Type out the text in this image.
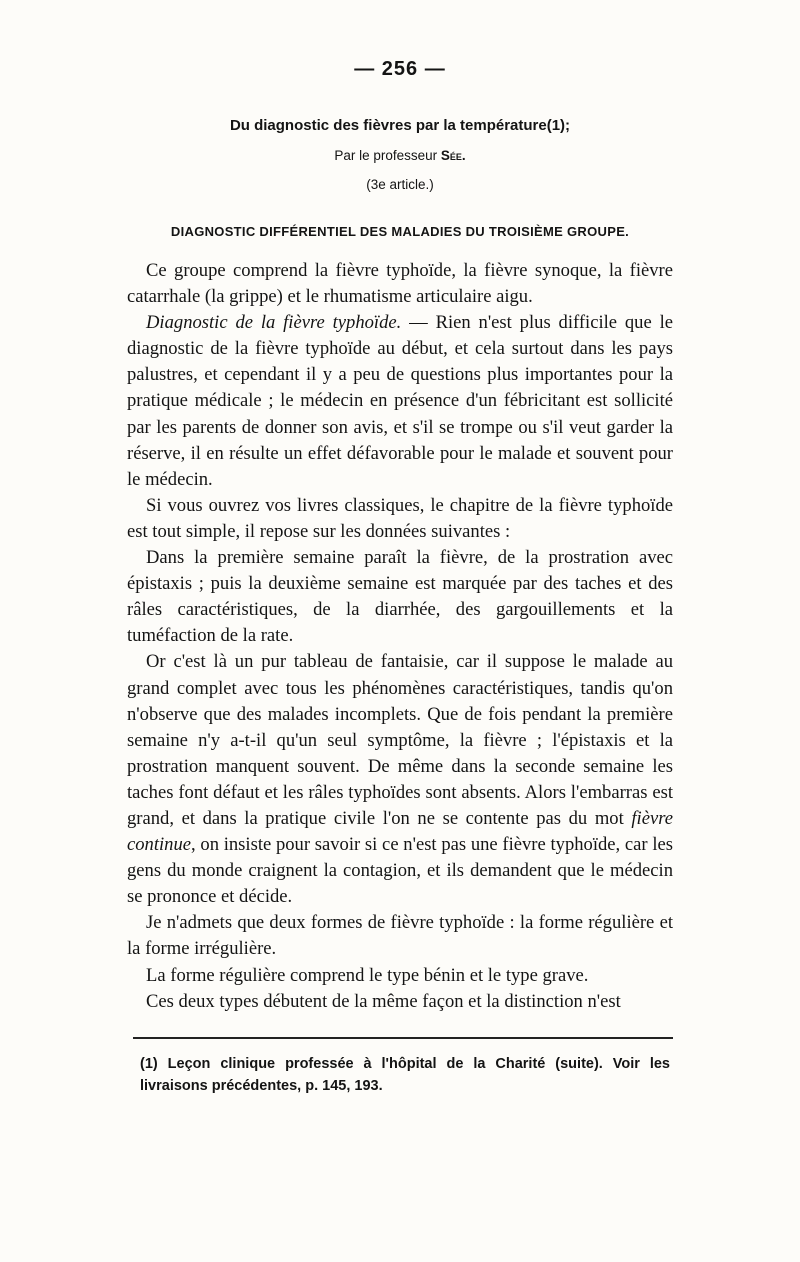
— 256 —
Du diagnostic des fièvres par la température(1);
Par le professeur Sée.
(3e article.)
DIAGNOSTIC DIFFÉRENTIEL DES MALADIES DU TROISIÈME GROUPE.

Ce groupe comprend la fièvre typhoïde, la fièvre synoque, la fièvre catarrhale (la grippe) et le rhumatisme articulaire aigu.

Diagnostic de la fièvre typhoïde. — Rien n'est plus difficile que le diagnostic de la fièvre typhoïde au début, et cela surtout dans les pays palustres, et cependant il y a peu de questions plus importantes pour la pratique médicale ; le médecin en présence d'un fébricitant est sollicité par les parents de donner son avis, et s'il se trompe ou s'il veut garder la réserve, il en résulte un effet défavorable pour le malade et souvent pour le médecin.

Si vous ouvrez vos livres classiques, le chapitre de la fièvre typhoïde est tout simple, il repose sur les données suivantes :

Dans la première semaine paraît la fièvre, de la prostration avec épistaxis ; puis la deuxième semaine est marquée par des taches et des râles caractéristiques, de la diarrhée, des gargouillements et la tuméfaction de la rate.

Or c'est là un pur tableau de fantaisie, car il suppose le malade au grand complet avec tous les phénomènes caractéristiques, tandis qu'on n'observe que des malades incomplets. Que de fois pendant la première semaine n'y a-t-il qu'un seul symptôme, la fièvre ; l'épistaxis et la prostration manquent souvent. De même dans la seconde semaine les taches font défaut et les râles typhoïdes sont absents. Alors l'embarras est grand, et dans la pratique civile l'on ne se contente pas du mot fièvre continue, on insiste pour savoir si ce n'est pas une fièvre typhoïde, car les gens du monde craignent la contagion, et ils demandent que le médecin se prononce et décide.

Je n'admets que deux formes de fièvre typhoïde : la forme régulière et la forme irrégulière.

La forme régulière comprend le type bénin et le type grave.

Ces deux types débutent de la même façon et la distinction n'est

(1) Leçon clinique professée à l'hôpital de la Charité (suite). Voir les livraisons précédentes, p. 145, 193.
